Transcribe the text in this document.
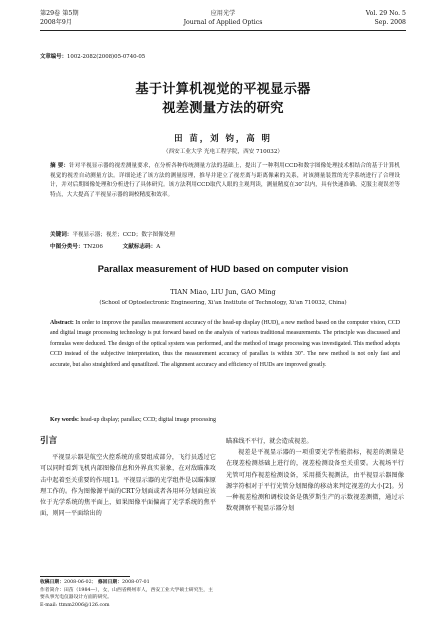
第29卷 第5期
2008年9月
应用光学
Journal of Applied Optics
Vol. 29 No. 5
Sep. 2008
文章编号：1002-2082(2008)05-0740-05
基于计算机视觉的平视显示器
视差测量方法的研究
田 苗，刘 钧，高 明
（西安工业大学 光电工程学院，西安 710032）
摘 要：针对平视显示器的视差测量要求，在分析各种传统测量方法的基础上，提出了一种利用CCD和数字图像处理技术相结合的基于计算机视觉的视差自动测量方法。详细论述了该方法的测量原理，推导并建立了视差离与距离像素的关系，对该测量装置的光学系统进行了合理设计，并对后期图像处理和分析进行了具体研究。该方法利用CCD取代人眼的主观判读，测量精度在30″以内，具有快速准确、克服主观误差等特点，大大提高了平视显示器的调校精度和效率。
关键词：平视显示器；视差；CCD；数字图像处理
中图分类号：TN206	文献标志码：A
Parallax measurement of HUD based on computer vision
TIAN Miao, LIU Jun, GAO Ming
(School of Optoelectronic Engineering, Xi'an Institute of Technology, Xi'an 710032, China)
Abstract: In order to improve the parallax measurement accuracy of the head-up display (HUD), a new method based on the computer vision, CCD and digital image processing technology is put forward based on the analysis of various traditional measurements. The principle was discussed and formulas were deduced. The design of the optical system was performed, and the method of image processing was investigated. This method adopts CCD instead of the subjective interpretation, thus the measurement accuracy of parallax is within 30″. The new method is not only fast and accurate, but also straightford and qunatilized. The alignment accuracy and efficiency of HUDs are improved greatly.
Key words: head-up display; parallax; CCD; digital image processing
引言

平视显示器是航空火控系统的重要组成部分，飞行员透过它可以同时看到飞机内部图像信息和外界真实景象，在对敌瞄准攻击中起着至关重要的作用[1]。平视显示器的光学组件是以瞄准原理工作的。作为图像源平面的CRT分划面或者各用环分划面应该位于光学系统的焦平面上，如果图像平面偏离了光学系统的焦平面，则同一平面给出的

瞄准线不平行，就会造成视差。

视差是平视显示器的一项重要光学性能指标，视差的测量是在现差检测基础上进行的，视差检测设备至关重要。大视场平行光管可用作视差检测设备，采用摄失视测法，由平视显示器图像源字符相对于平行光管分划图像的移动来判定视差的大小[2]。另一种视差检测和调校设备是俄罗斯生产的示数视差测微，通过示数观测察平视显示器分划

收稿日期：2008-06-02； 修回日期：2008-07-01
作者简介：田苗（1984—），女，山西省朔州市人，西安工业大学硕士研究生，主要从事光电仪器设计方面的研究。
E-mail: ttmm2006@126.com
